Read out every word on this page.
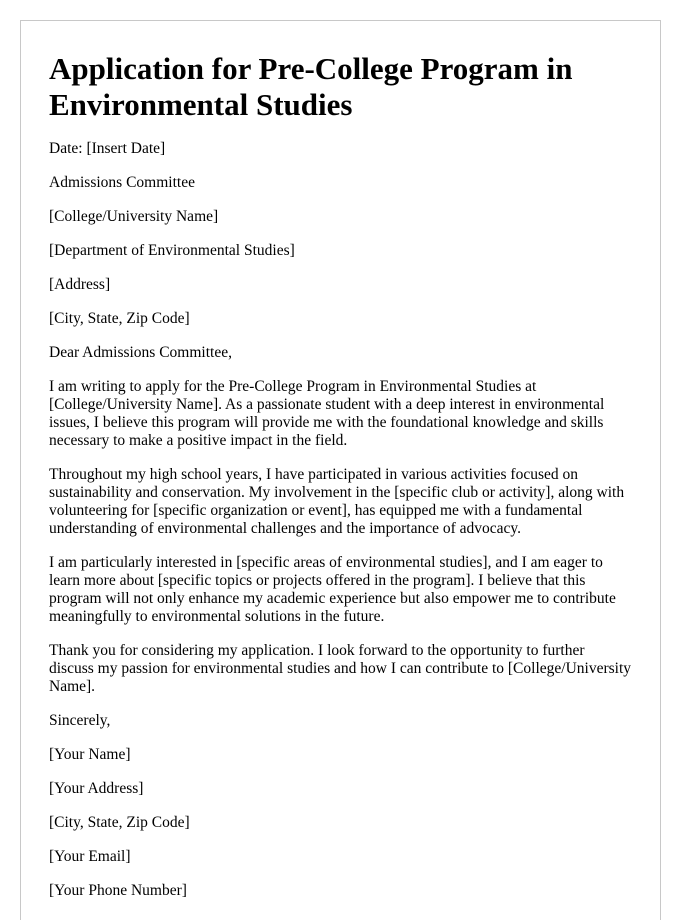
Application for Pre-College Program in Environmental Studies

Date: [Insert Date]

Admissions Committee

[College/University Name]

[Department of Environmental Studies]

[Address]

[City, State, Zip Code]

Dear Admissions Committee,

I am writing to apply for the Pre-College Program in Environmental Studies at [College/University Name]. As a passionate student with a deep interest in environmental issues, I believe this program will provide me with the foundational knowledge and skills necessary to make a positive impact in the field.

Throughout my high school years, I have participated in various activities focused on sustainability and conservation. My involvement in the [specific club or activity], along with volunteering for [specific organization or event], has equipped me with a fundamental understanding of environmental challenges and the importance of advocacy.

I am particularly interested in [specific areas of environmental studies], and I am eager to learn more about [specific topics or projects offered in the program]. I believe that this program will not only enhance my academic experience but also empower me to contribute meaningfully to environmental solutions in the future.

Thank you for considering my application. I look forward to the opportunity to further discuss my passion for environmental studies and how I can contribute to [College/University Name].

Sincerely,

[Your Name]

[Your Address]

[City, State, Zip Code]

[Your Email]

[Your Phone Number]
